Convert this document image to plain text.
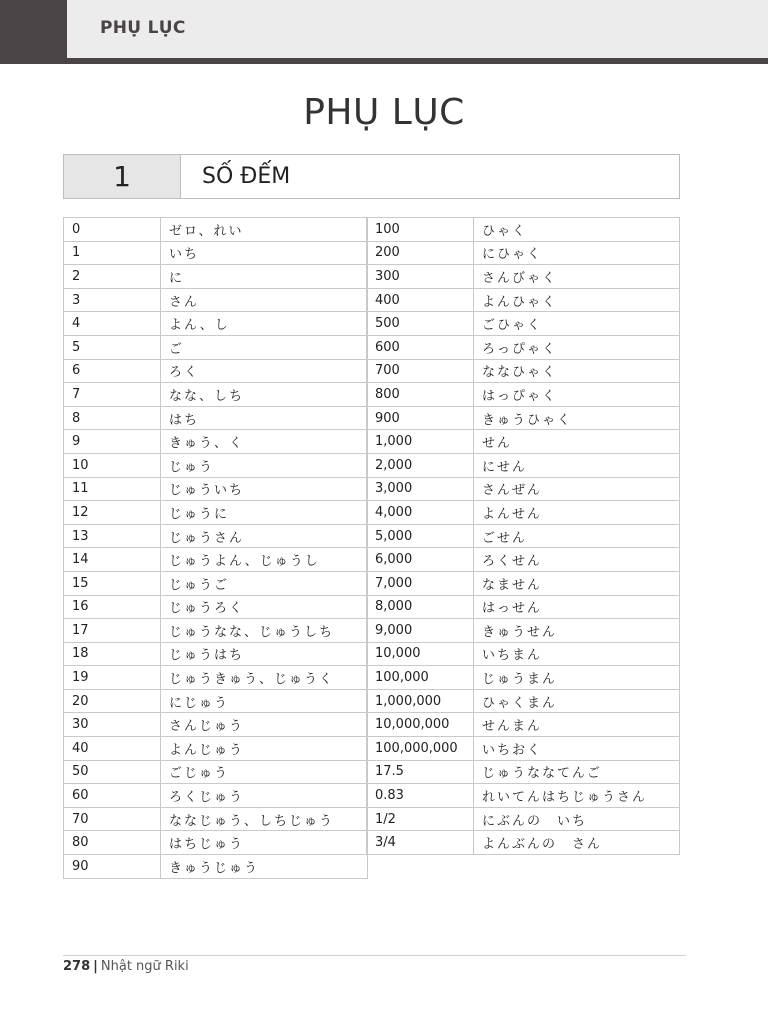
PHỤ LỤC
PHỤ LỤC
1	SỐ ĐẾM
0	ゼロ、れい
1	いち
2	に
3	さん
4	よん、し
5	ご
6	ろく
7	なな、しち
8	はち
9	きゅう、く
10	じゅう
11	じゅういち
12	じゅうに
13	じゅうさん
14	じゅうよん、じゅうし
15	じゅうご
16	じゅうろく
17	じゅうなな、じゅうしち
18	じゅうはち
19	じゅうきゅう、じゅうく
20	にじゅう
30	さんじゅう
40	よんじゅう
50	ごじゅう
60	ろくじゅう
70	ななじゅう、しちじゅう
80	はちじゅう
90	きゅうじゅう
100	ひゃく
200	にひゃく
300	さんびゃく
400	よんひゃく
500	ごひゃく
600	ろっぴゃく
700	ななひゃく
800	はっぴゃく
900	きゅうひゃく
1,000	せん
2,000	にせん
3,000	さんぜん
4,000	よんせん
5,000	ごせん
6,000	ろくせん
7,000	なません
8,000	はっせん
9,000	きゅうせん
10,000	いちまん
100,000	じゅうまん
1,000,000	ひゃくまん
10,000,000	せんまん
100,000,000	いちおく
17.5	じゅうななてんご
0.83	れいてんはちじゅうさん
1/2	にぶんの　いち
3/4	よんぶんの　さん
278 | Nhật ngữ Riki
